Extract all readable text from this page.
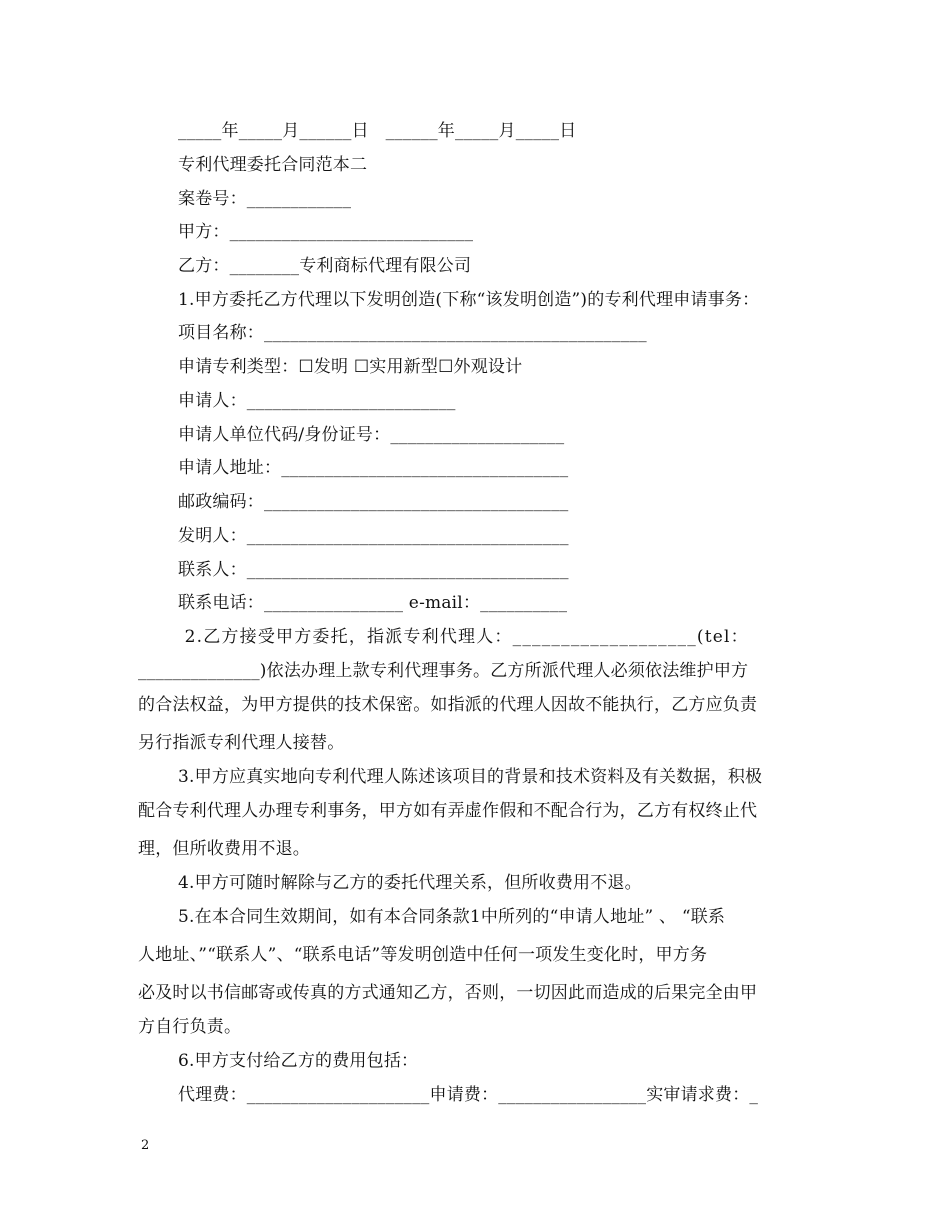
_____年_____月______日   ______年_____月_____日
专利代理委托合同范本二
案卷号：____________
甲方：____________________________
乙方：________专利商标代理有限公司
1.甲方委托乙方代理以下发明创造(下称“该发明创造”)的专利代理申请事务：
项目名称：____________________________________________
申请专利类型：☐发明 ☐实用新型☐外观设计
申请人：________________________
申请人单位代码/身份证号：____________________
申请人地址：_________________________________
邮政编码：___________________________________
发明人：_____________________________________
联系人：_____________________________________
联系电话：________________ e-mail：__________
2.乙方接受甲方委托，指派专利代理人：___________________(tel：
______________)依法办理上款专利代理事务。乙方所派代理人必须依法维护甲方
的合法权益，为甲方提供的技术保密。如指派的代理人因故不能执行，乙方应负责
另行指派专利代理人接替。
3.甲方应真实地向专利代理人陈述该项目的背景和技术资料及有关数据，积极
配合专利代理人办理专利事务，甲方如有弄虚作假和不配合行为，乙方有权终止代
理，但所收费用不退。
4.甲方可随时解除与乙方的委托代理关系，但所收费用不退。
5.在本合同生效期间，如有本合同条款1中所列的“申请人地址” 、 “联系
人地址、”“联系人”、“联系电话”等发明创造中任何一项发生变化时，甲方务
必及时以书信邮寄或传真的方式通知乙方，否则，一切因此而造成的后果完全由甲
方自行负责。
6.甲方支付给乙方的费用包括：
代理费：_____________________申请费：_________________实审请求费：_
2
